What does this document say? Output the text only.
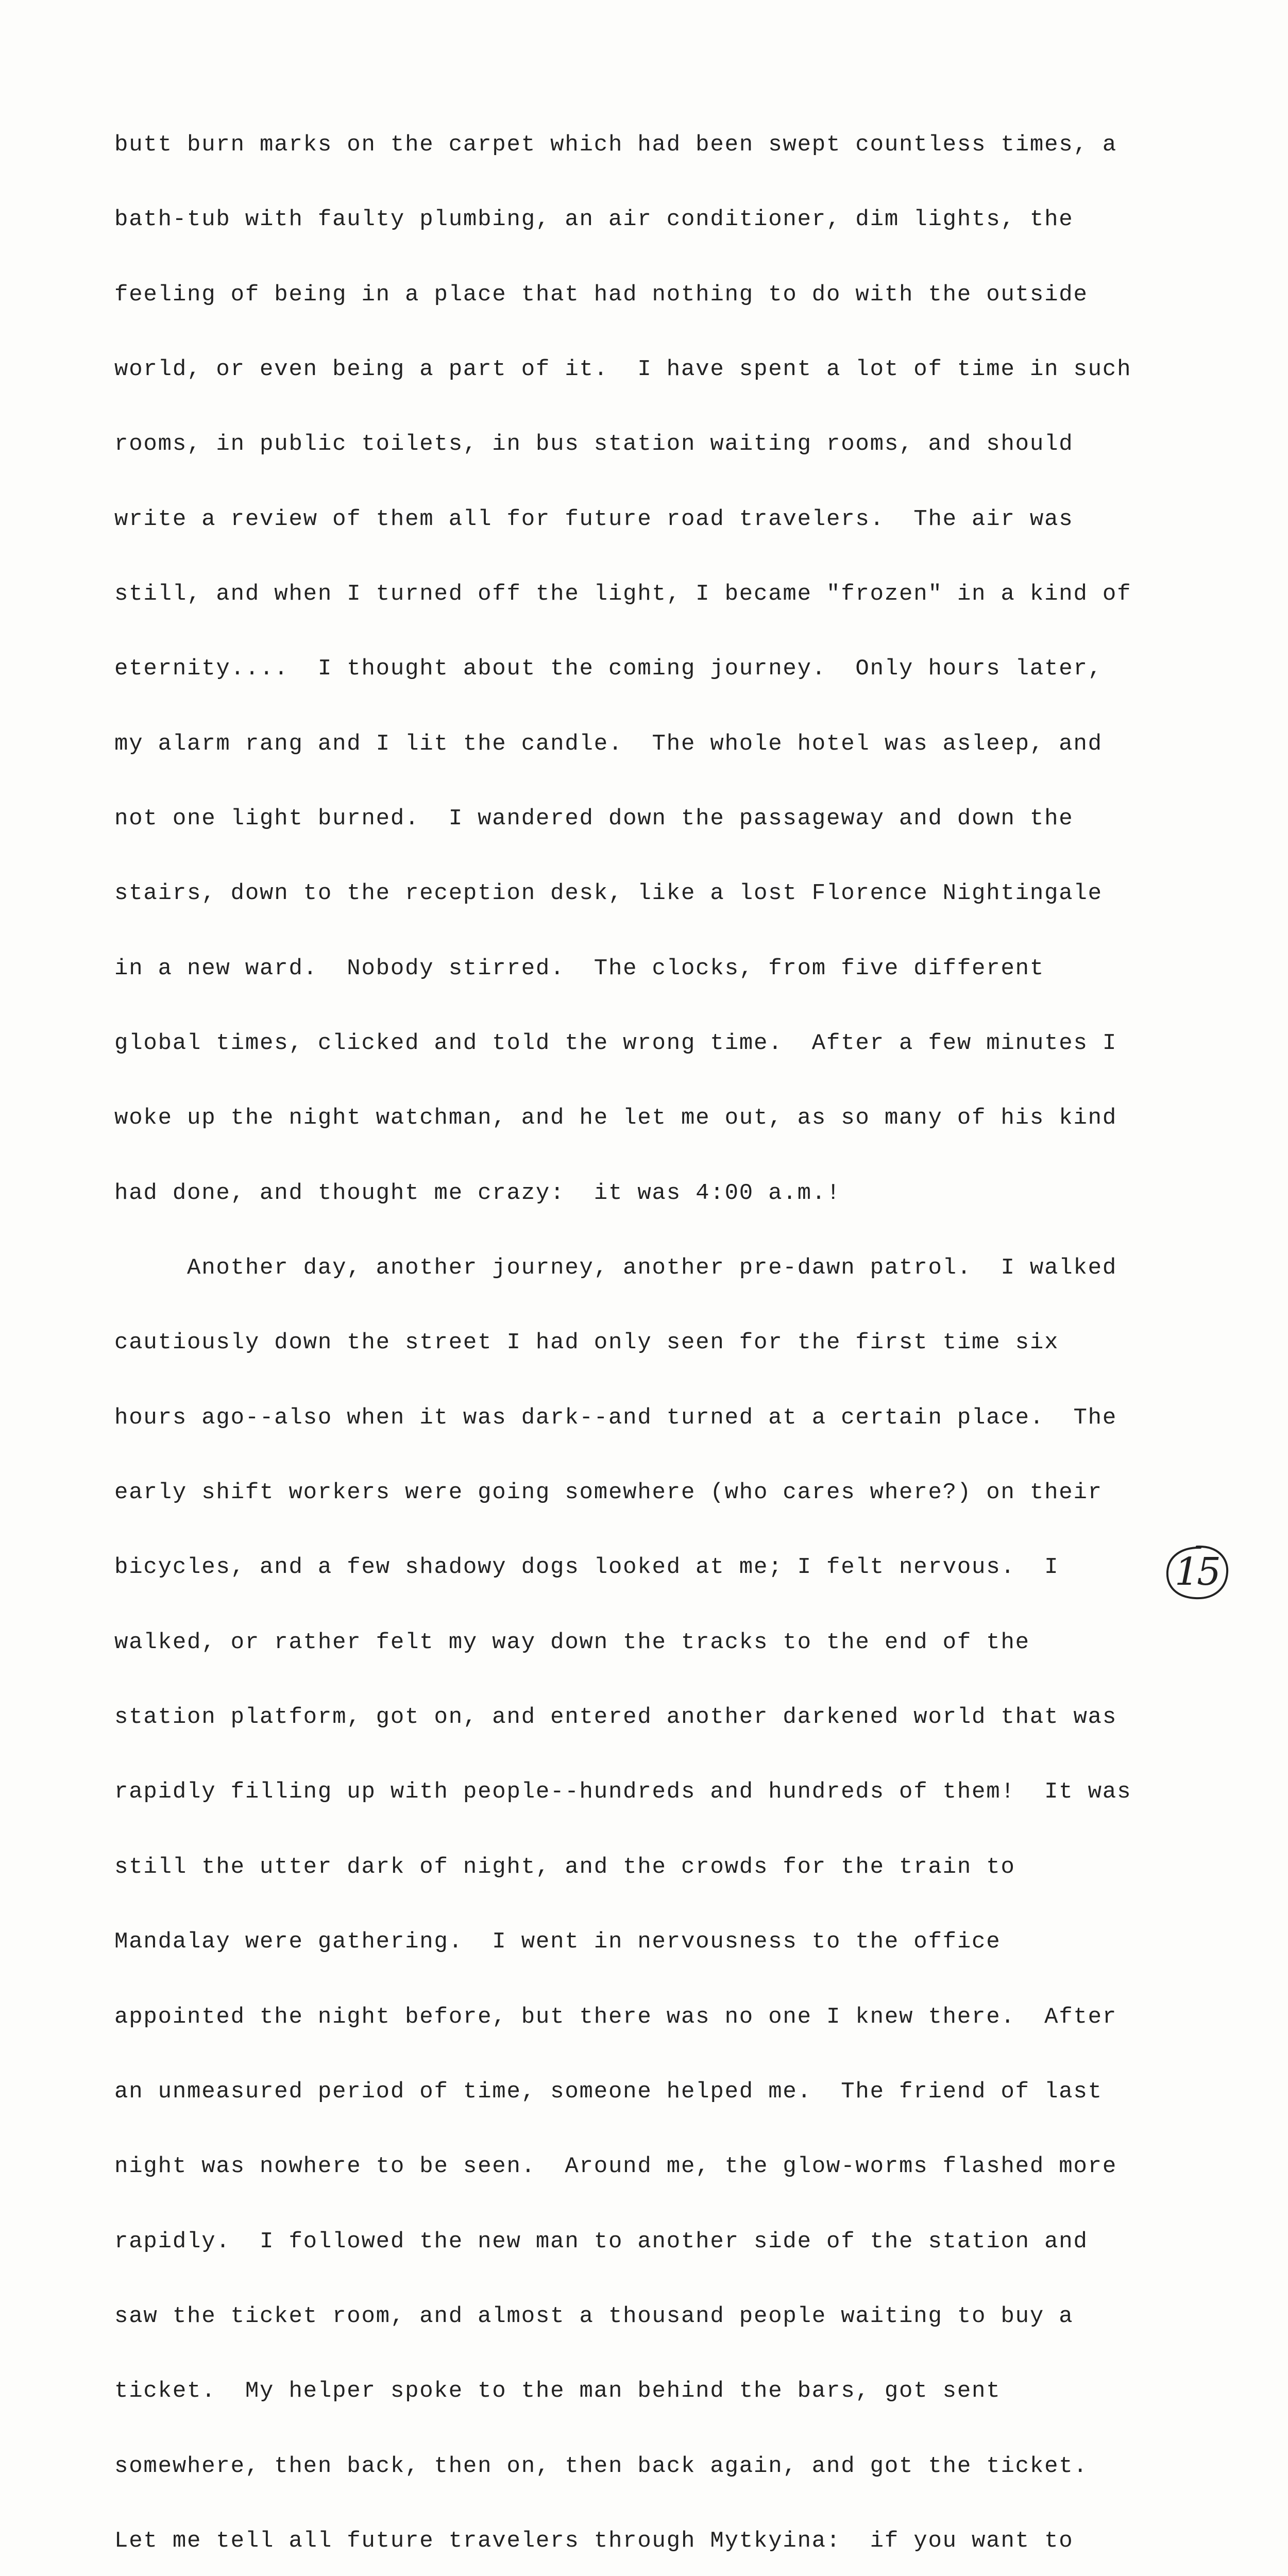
butt burn marks on the carpet which had been swept countless times, a

bath-tub with faulty plumbing, an air conditioner, dim lights, the

feeling of being in a place that had nothing to do with the outside

world, or even being a part of it.  I have spent a lot of time in such

rooms, in public toilets, in bus station waiting rooms, and should

write a review of them all for future road travelers.  The air was

still, and when I turned off the light, I became "frozen" in a kind of

eternity....  I thought about the coming journey.  Only hours later,

my alarm rang and I lit the candle.  The whole hotel was asleep, and

not one light burned.  I wandered down the passageway and down the

stairs, down to the reception desk, like a lost Florence Nightingale

in a new ward.  Nobody stirred.  The clocks, from five different

global times, clicked and told the wrong time.  After a few minutes I

woke up the night watchman, and he let me out, as so many of his kind

had done, and thought me crazy:  it was 4:00 a.m.!

Another day, another journey, another pre-dawn patrol.  I walked

cautiously down the street I had only seen for the first time six

hours ago--also when it was dark--and turned at a certain place.  The

early shift workers were going somewhere (who cares where?) on their

bicycles, and a few shadowy dogs looked at me; I felt nervous.  I

walked, or rather felt my way down the tracks to the end of the

station platform, got on, and entered another darkened world that was

rapidly filling up with people--hundreds and hundreds of them!  It was

still the utter dark of night, and the crowds for the train to

Mandalay were gathering.  I went in nervousness to the office

appointed the night before, but there was no one I knew there.  After

an unmeasured period of time, someone helped me.  The friend of last

night was nowhere to be seen.  Around me, the glow-worms flashed more

rapidly.  I followed the new man to another side of the station and

saw the ticket room, and almost a thousand people waiting to buy a

ticket.  My helper spoke to the man behind the bars, got sent

somewhere, then back, then on, then back again, and got the ticket.

Let me tell all future travelers through Mytkyina:  if you want to

15
